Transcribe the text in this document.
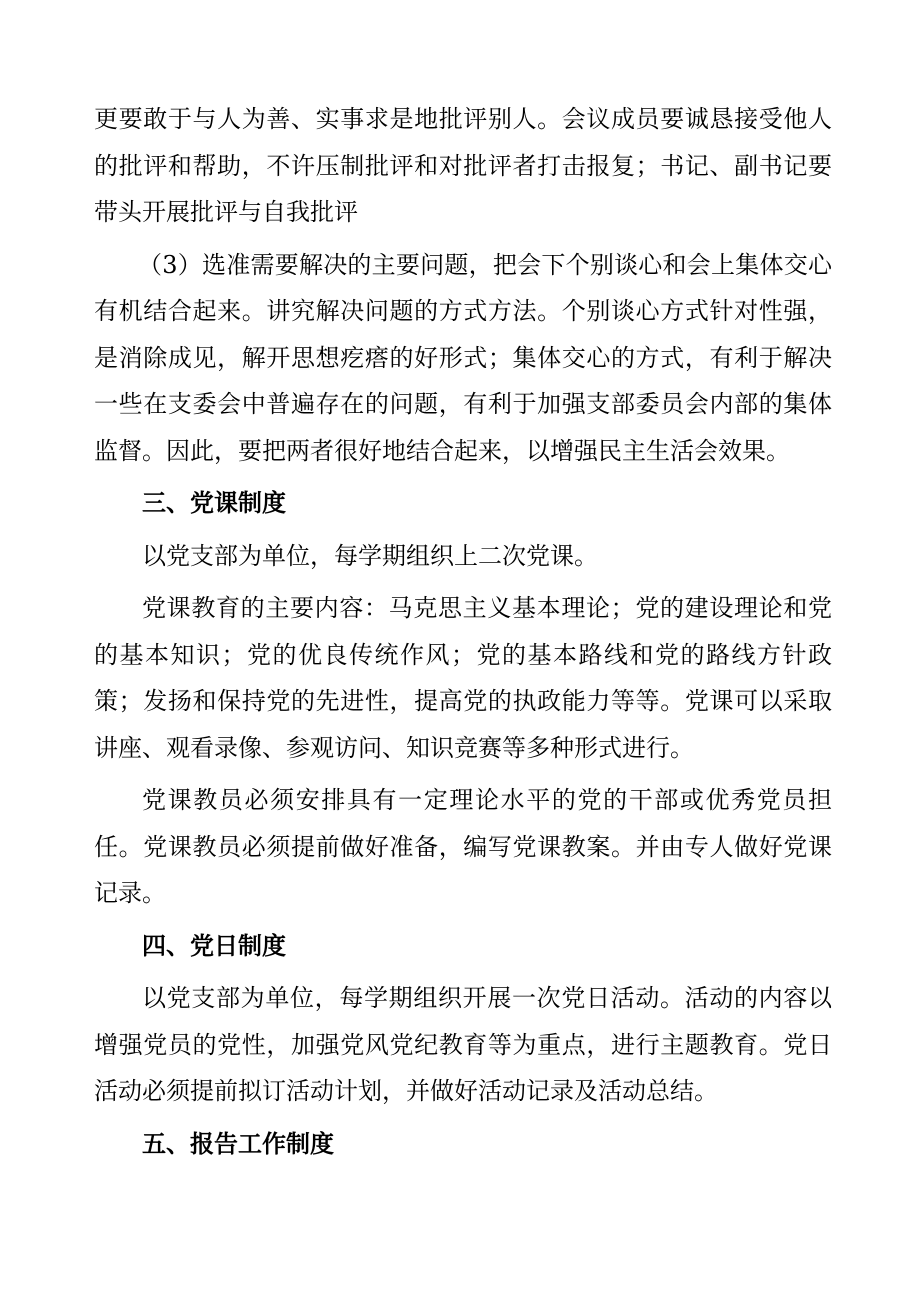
更要敢于与人为善、实事求是地批评别人。会议成员要诚恳接受他人的批评和帮助，不许压制批评和对批评者打击报复；书记、副书记要带头开展批评与自我批评

（3）选准需要解决的主要问题，把会下个别谈心和会上集体交心有机结合起来。讲究解决问题的方式方法。个别谈心方式针对性强，是消除成见，解开思想疙瘩的好形式；集体交心的方式，有利于解决一些在支委会中普遍存在的问题，有利于加强支部委员会内部的集体监督。因此，要把两者很好地结合起来，以增强民主生活会效果。

三、党课制度

以党支部为单位，每学期组织上二次党课。

党课教育的主要内容：马克思主义基本理论；党的建设理论和党的基本知识；党的优良传统作风；党的基本路线和党的路线方针政策；发扬和保持党的先进性，提高党的执政能力等等。党课可以采取讲座、观看录像、参观访问、知识竞赛等多种形式进行。

党课教员必须安排具有一定理论水平的党的干部或优秀党员担任。党课教员必须提前做好准备，编写党课教案。并由专人做好党课记录。

四、党日制度

以党支部为单位，每学期组织开展一次党日活动。活动的内容以增强党员的党性，加强党风党纪教育等为重点，进行主题教育。党日活动必须提前拟订活动计划，并做好活动记录及活动总结。

五、报告工作制度
